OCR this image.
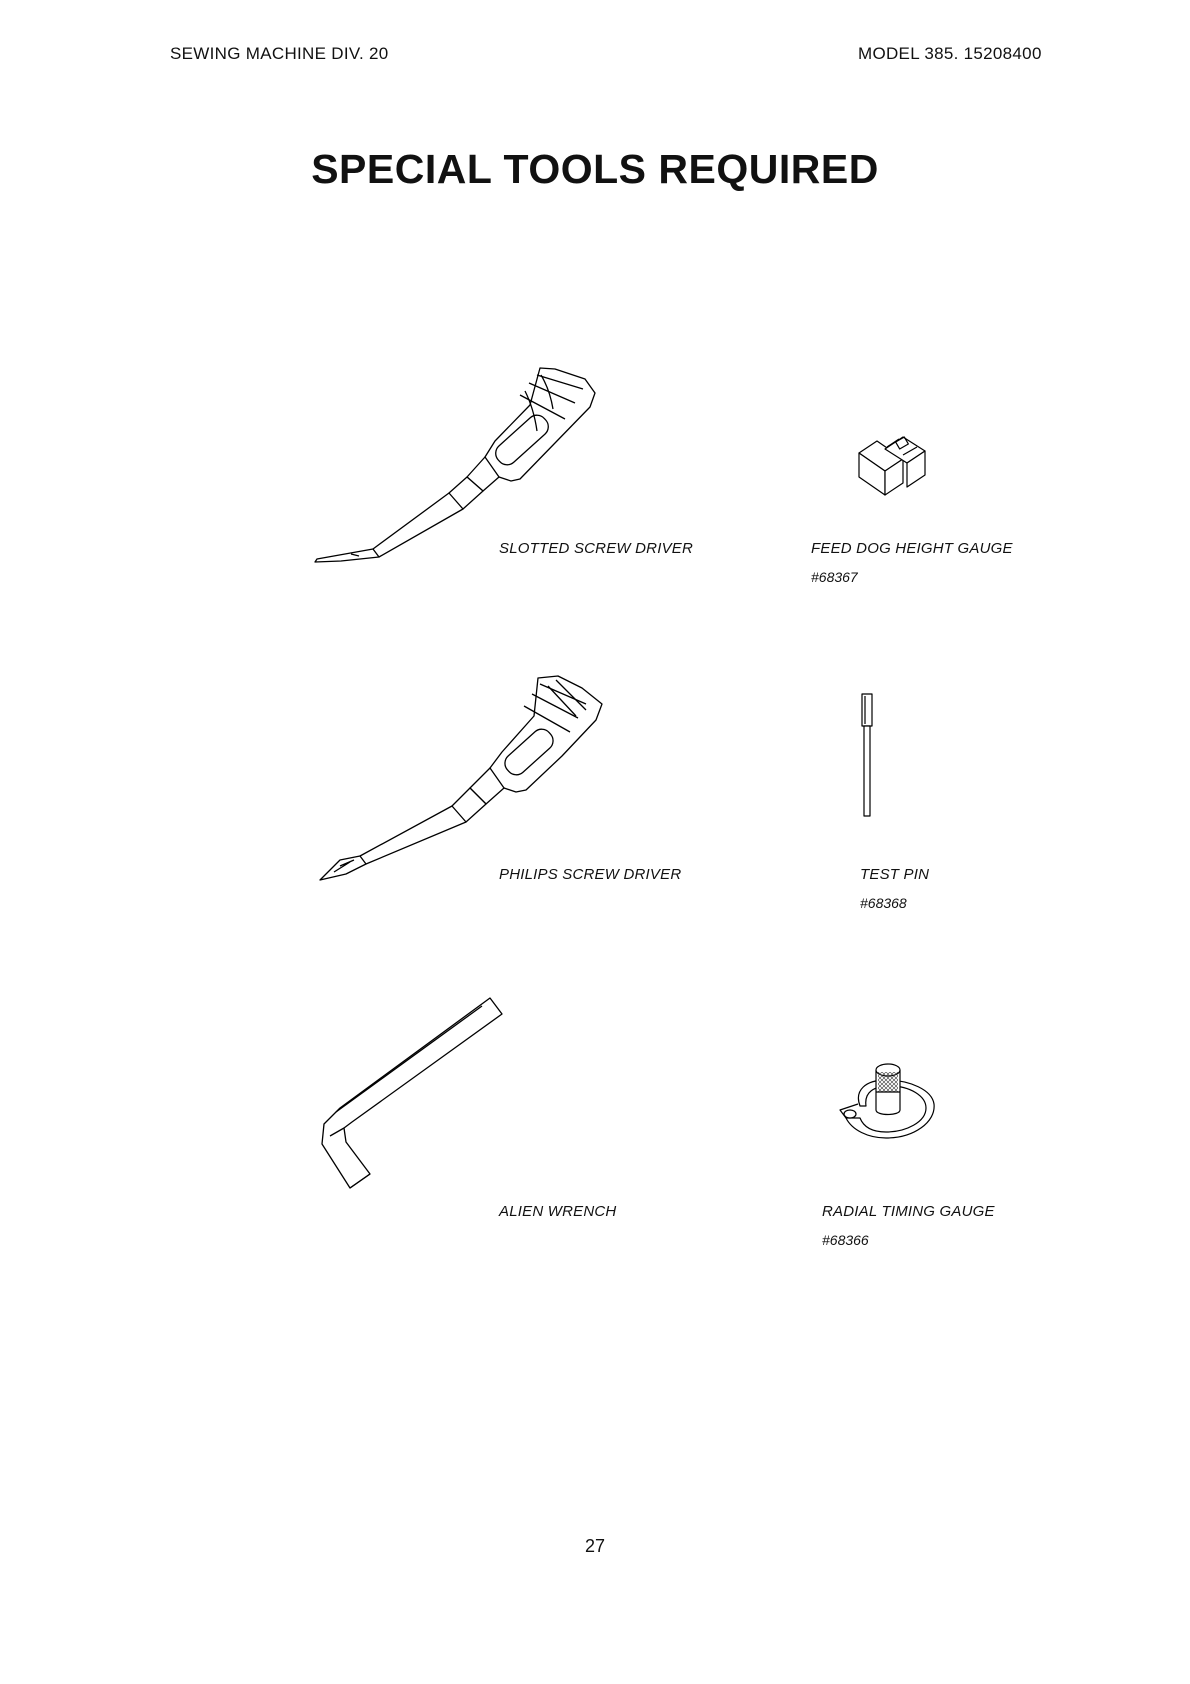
SEWING MACHINE DIV. 20	MODEL 385. 15208400
SPECIAL TOOLS REQUIRED
SLOTTED SCREW DRIVER	FEED DOG HEIGHT GAUGE
#68367
PHILIPS SCREW DRIVER	TEST PIN
#68368
ALIEN WRENCH	RADIAL TIMING GAUGE
#68366
27
